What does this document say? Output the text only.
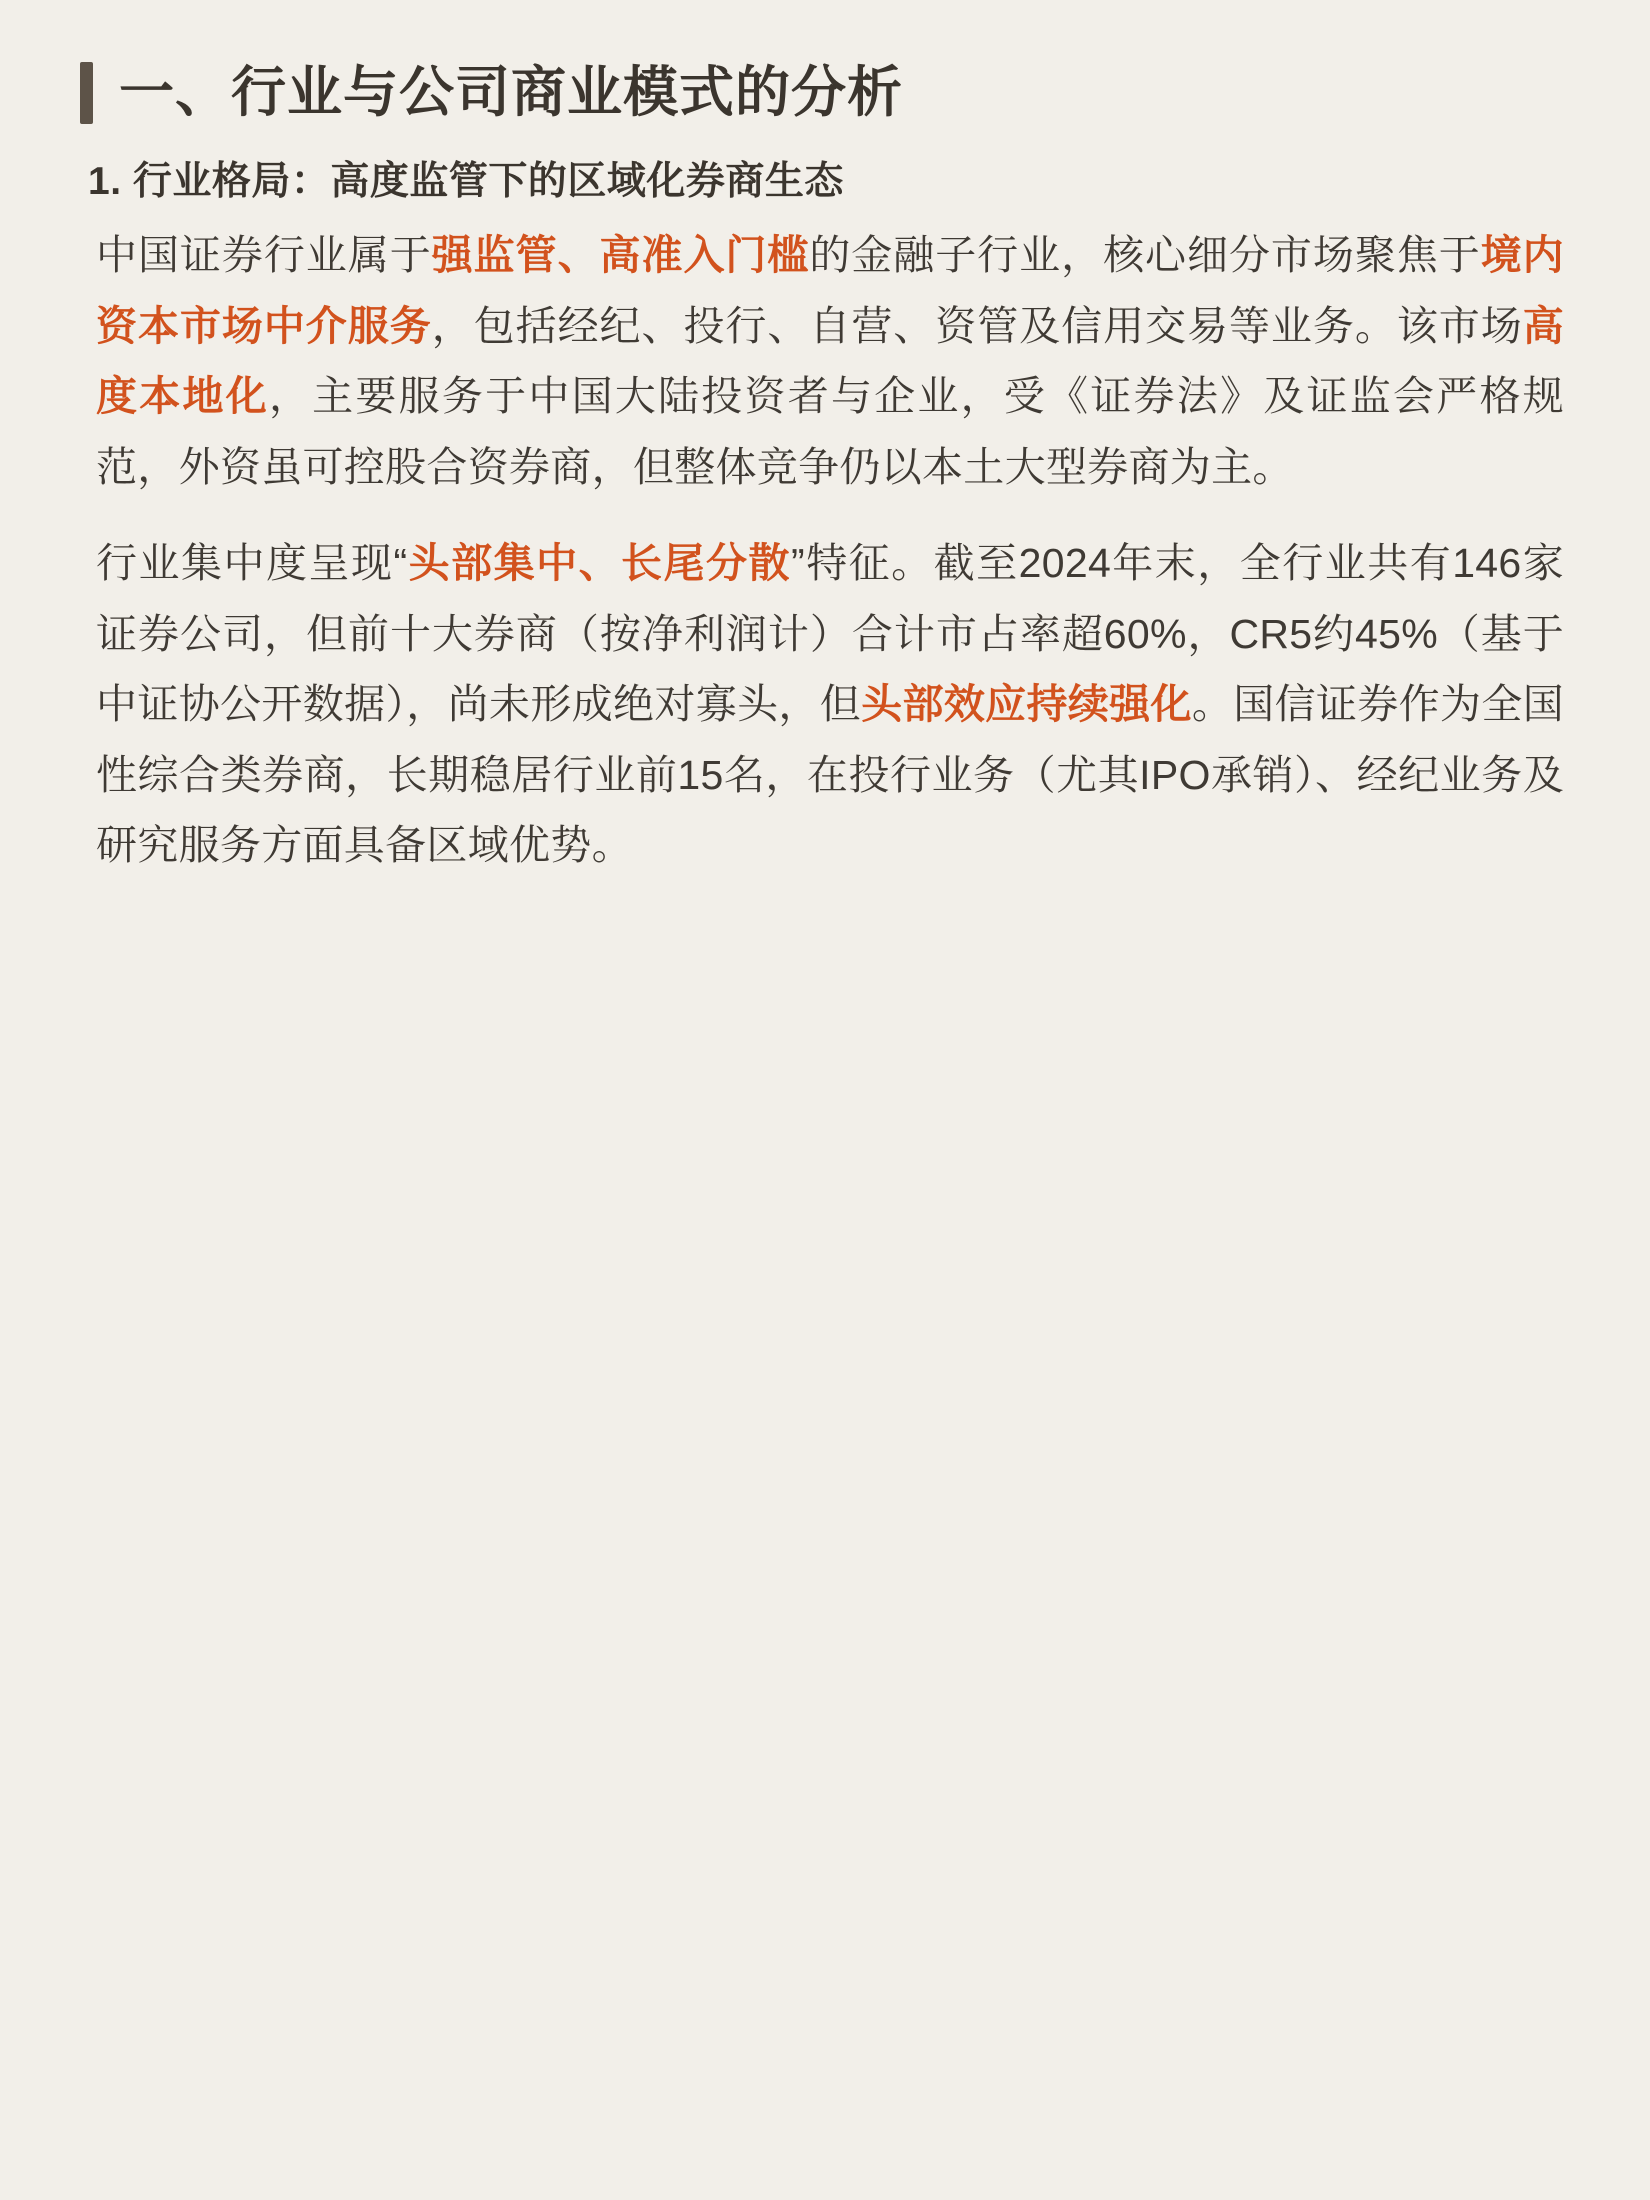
一、行业与公司商业模式的分析
1. 行业格局：高度监管下的区域化券商生态

中国证券行业属于强监管、高准入门槛的金融子行业，核心细分市场聚焦于境内资本市场中介服务，包括经纪、投行、自营、资管及信用交易等业务。该市场高度本地化，主要服务于中国大陆投资者与企业，受《证券法》及证监会严格规范，外资虽可控股合资券商，但整体竞争仍以本土大型券商为主。

行业集中度呈现“头部集中、长尾分散”特征。截至2024年末，全行业共有146家证券公司，但前十大券商（按净利润计）合计市占率超60%，CR5约45%（基于中证协公开数据），尚未形成绝对寡头，但头部效应持续强化。国信证券作为全国性综合类券商，长期稳居行业前15名，在投行业务（尤其IPO承销）、经纪业务及研究服务方面具备区域优势。
